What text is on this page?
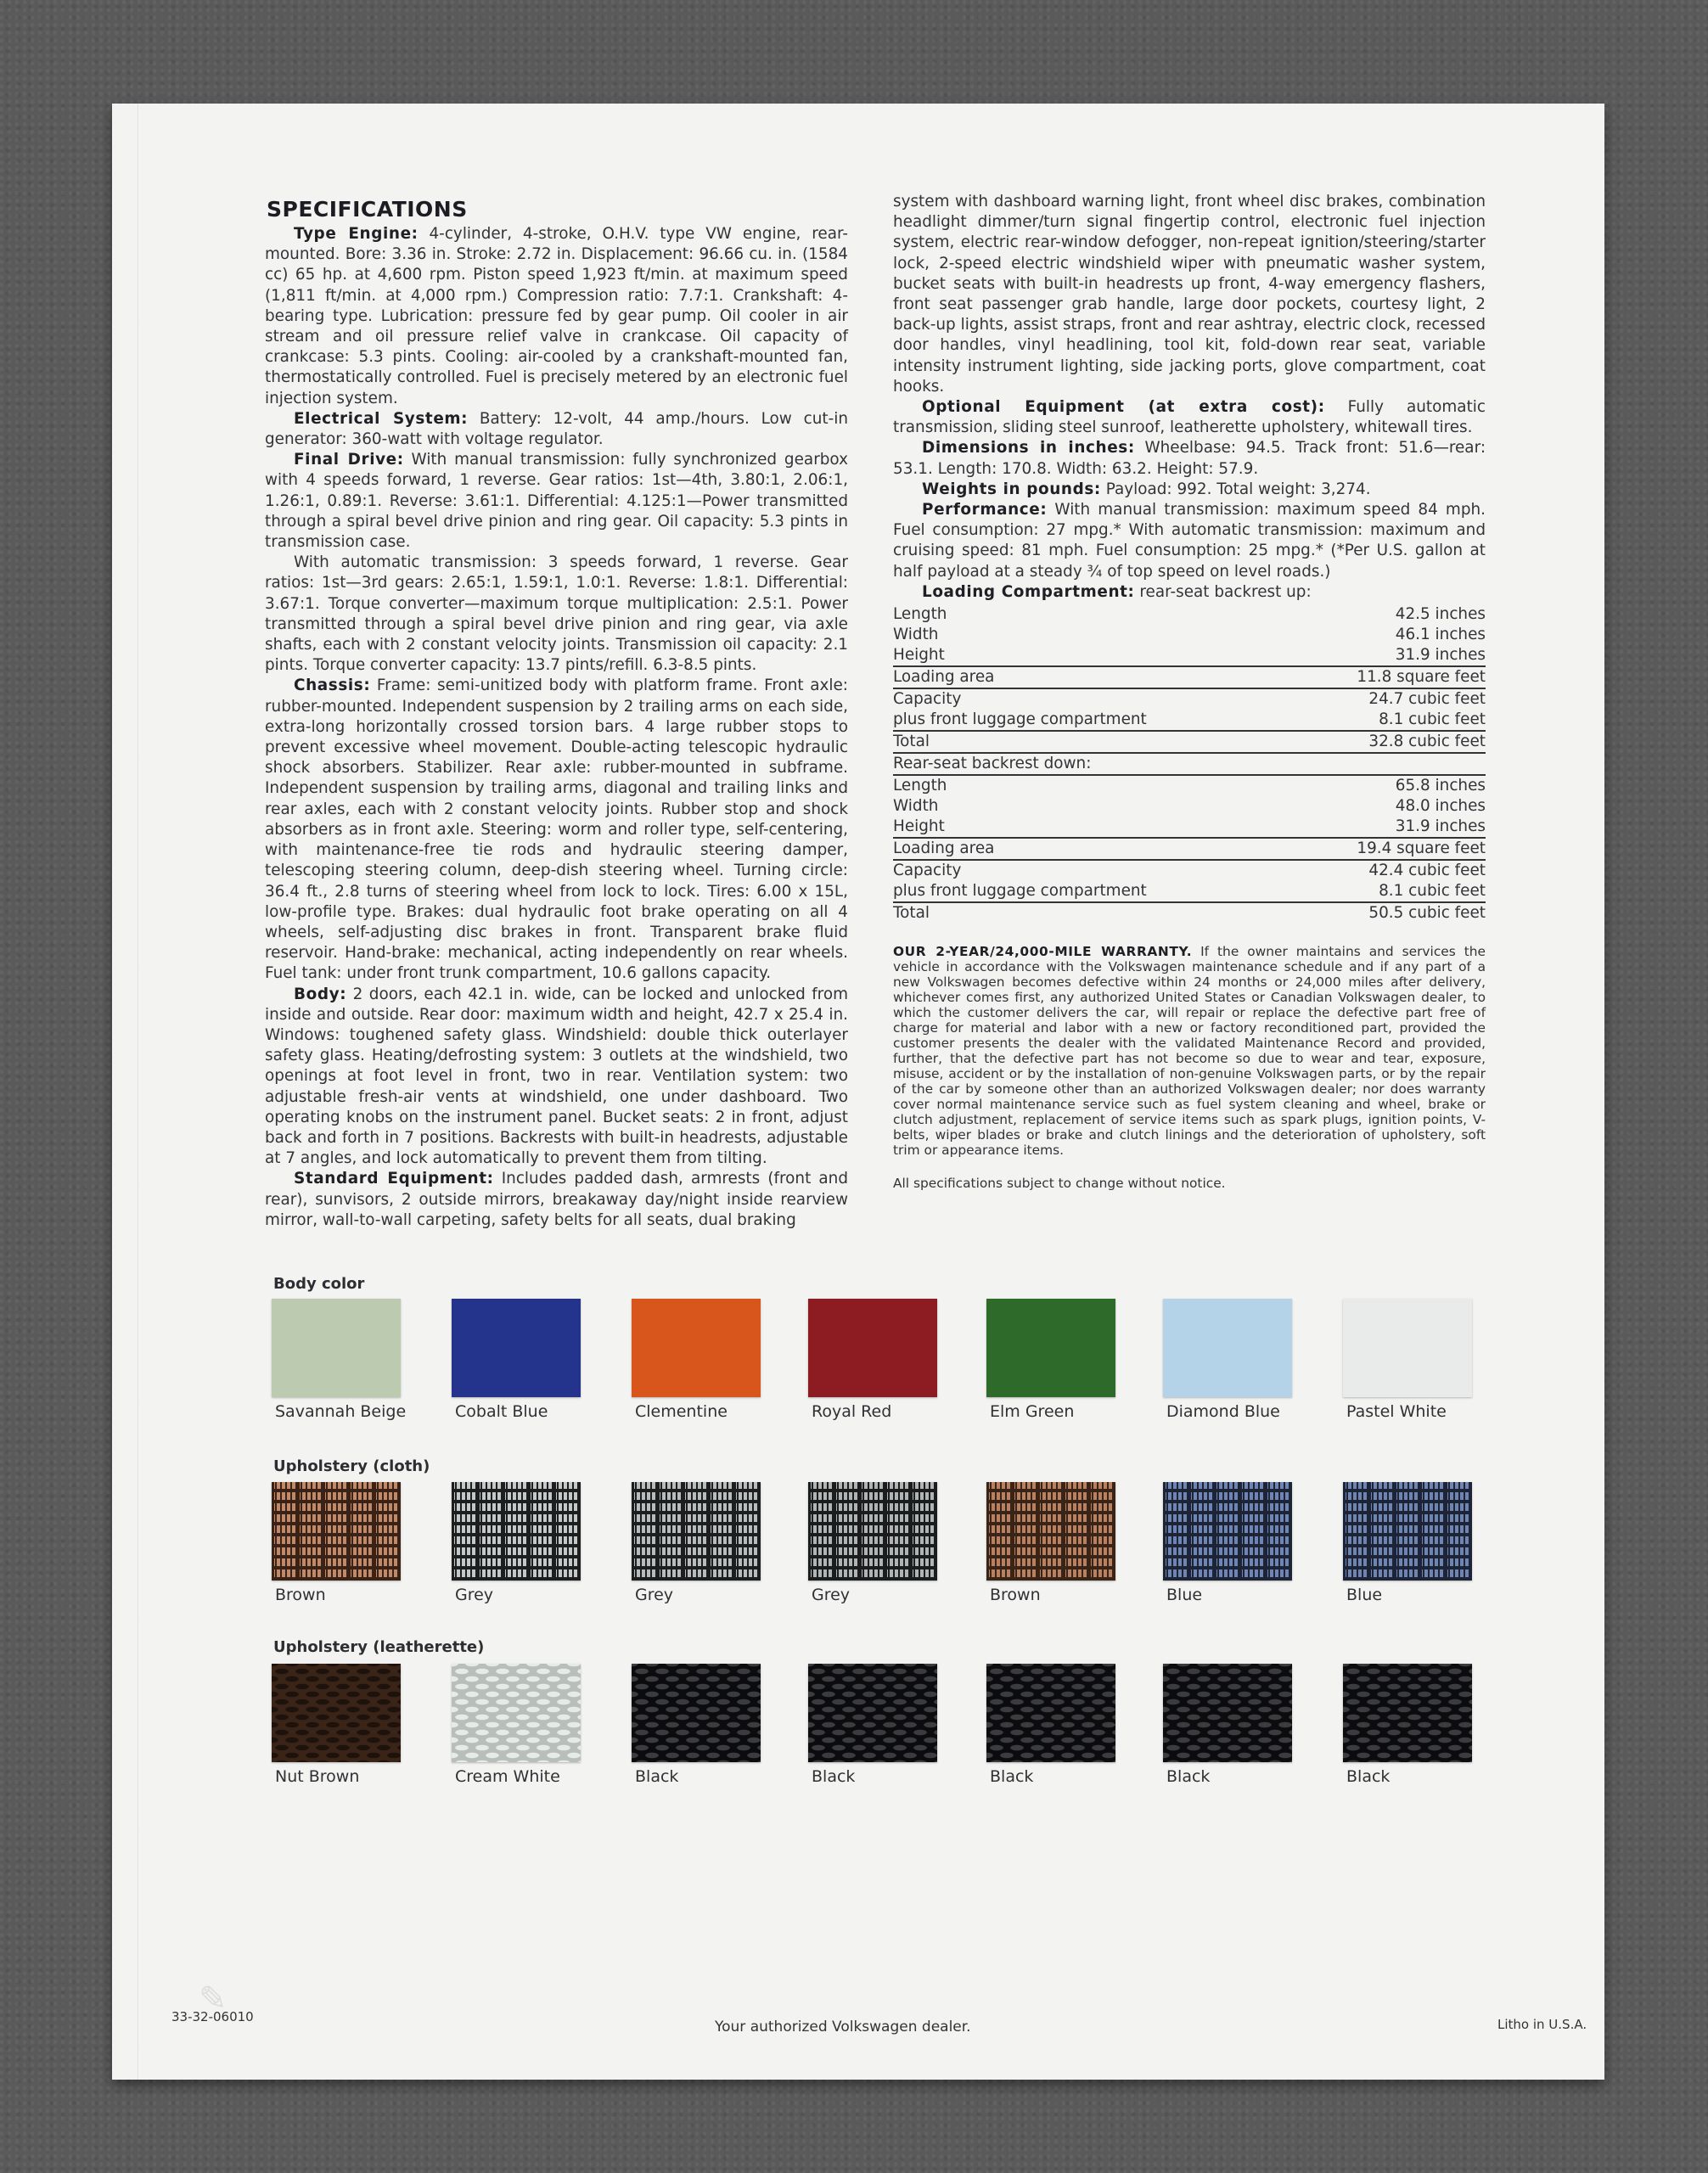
SPECIFICATIONS

Type Engine: 4-cylinder, 4-stroke, O.H.V. type VW engine, rear-mounted. Bore: 3.36 in. Stroke: 2.72 in. Displacement: 96.66 cu. in. (1584 cc) 65 hp. at 4,600 rpm. Piston speed 1,923 ft/min. at maximum speed (1,811 ft/min. at 4,000 rpm.) Compression ratio: 7.7:1. Crankshaft: 4-bearing type. Lubrication: pressure fed by gear pump. Oil cooler in air stream and oil pressure relief valve in crankcase. Oil capacity of crankcase: 5.3 pints. Cooling: air-cooled by a crankshaft-mounted fan, thermostatically controlled. Fuel is precisely metered by an electronic fuel injection system.

Electrical System: Battery: 12-volt, 44 amp./hours. Low cut-in generator: 360-watt with voltage regulator.

Final Drive: With manual transmission: fully synchronized gearbox with 4 speeds forward, 1 reverse. Gear ratios: 1st—4th, 3.80:1, 2.06:1, 1.26:1, 0.89:1. Reverse: 3.61:1. Differential: 4.125:1—Power transmitted through a spiral bevel drive pinion and ring gear. Oil capacity: 5.3 pints in transmission case.

With automatic transmission: 3 speeds forward, 1 reverse. Gear ratios: 1st—3rd gears: 2.65:1, 1.59:1, 1.0:1. Reverse: 1.8:1. Differential: 3.67:1. Torque converter—maximum torque multiplication: 2.5:1. Power transmitted through a spiral bevel drive pinion and ring gear, via axle shafts, each with 2 constant velocity joints. Transmission oil capacity: 2.1 pints. Torque converter capacity: 13.7 pints/refill. 6.3-8.5 pints.

Chassis: Frame: semi-unitized body with platform frame. Front axle: rubber-mounted. Independent suspension by 2 trailing arms on each side, extra-long horizontally crossed torsion bars. 4 large rubber stops to prevent excessive wheel movement. Double-acting telescopic hydraulic shock absorbers. Stabilizer. Rear axle: rubber-mounted in subframe. Independent suspension by trailing arms, diagonal and trailing links and rear axles, each with 2 constant velocity joints. Rubber stop and shock absorbers as in front axle. Steering: worm and roller type, self-centering, with maintenance-free tie rods and hydraulic steering damper, telescoping steering column, deep-dish steering wheel. Turning circle: 36.4 ft., 2.8 turns of steering wheel from lock to lock. Tires: 6.00 x 15L, low-profile type. Brakes: dual hydraulic foot brake operating on all 4 wheels, self-adjusting disc brakes in front. Transparent brake fluid reservoir. Hand-brake: mechanical, acting independently on rear wheels. Fuel tank: under front trunk compartment, 10.6 gallons capacity.

Body: 2 doors, each 42.1 in. wide, can be locked and unlocked from inside and outside. Rear door: maximum width and height, 42.7 x 25.4 in. Windows: toughened safety glass. Windshield: double thick outerlayer safety glass. Heating/defrosting system: 3 outlets at the windshield, two openings at foot level in front, two in rear. Ventilation system: two adjustable fresh-air vents at windshield, one under dashboard. Two operating knobs on the instrument panel. Bucket seats: 2 in front, adjust back and forth in 7 positions. Backrests with built-in headrests, adjustable at 7 angles, and lock automatically to prevent them from tilting.

Standard Equipment: Includes padded dash, armrests (front and rear), sunvisors, 2 outside mirrors, breakaway day/night inside rearview mirror, wall-to-wall carpeting, safety belts for all seats, dual braking

system with dashboard warning light, front wheel disc brakes, combination headlight dimmer/turn signal fingertip control, electronic fuel injection system, electric rear-window defogger, non-repeat ignition/steering/starter lock, 2-speed electric windshield wiper with pneumatic washer system, bucket seats with built-in headrests up front, 4-way emergency flashers, front seat passenger grab handle, large door pockets, courtesy light, 2 back-up lights, assist straps, front and rear ashtray, electric clock, recessed door handles, vinyl headlining, tool kit, fold-down rear seat, variable intensity instrument lighting, side jacking ports, glove compartment, coat hooks.

Optional Equipment (at extra cost): Fully automatic transmission, sliding steel sunroof, leatherette upholstery, whitewall tires.

Dimensions in inches: Wheelbase: 94.5. Track front: 51.6—rear: 53.1. Length: 170.8. Width: 63.2. Height: 57.9.

Weights in pounds: Payload: 992. Total weight: 3,274.

Performance: With manual transmission: maximum speed 84 mph. Fuel consumption: 27 mpg.* With automatic transmission: maximum and cruising speed: 81 mph. Fuel consumption: 25 mpg.* (*Per U.S. gallon at half payload at a steady ¾ of top speed on level roads.)

Loading Compartment: rear-seat backrest up:

Length	42.5 inches
Width	46.1 inches
Height	31.9 inches
Loading area	11.8 square feet
Capacity	24.7 cubic feet
plus front luggage compartment	8.1 cubic feet
Total	32.8 cubic feet
Rear-seat backrest down:	
Length	65.8 inches
Width	48.0 inches
Height	31.9 inches
Loading area	19.4 square feet
Capacity	42.4 cubic feet
plus front luggage compartment	8.1 cubic feet
Total	50.5 cubic feet
OUR 2-YEAR/24,000-MILE WARRANTY. If the owner maintains and services the vehicle in accordance with the Volkswagen maintenance schedule and if any part of a new Volkswagen becomes defective within 24 months or 24,000 miles after delivery, whichever comes first, any authorized United States or Canadian Volkswagen dealer, to which the customer delivers the car, will repair or replace the defective part free of charge for material and labor with a new or factory reconditioned part, provided the customer presents the dealer with the validated Maintenance Record and provided, further, that the defective part has not become so due to wear and tear, exposure, misuse, accident or by the installation of non-genuine Volkswagen parts, or by the repair of the car by someone other than an authorized Volkswagen dealer; nor does warranty cover normal maintenance service such as fuel system cleaning and wheel, brake or clutch adjustment, replacement of service items such as spark plugs, ignition points, V-belts, wiper blades or brake and clutch linings and the deterioration of upholstery, soft trim or appearance items.
All specifications subject to change without notice.
Body color
Savannah Beige	Cobalt Blue	Clementine	Royal Red	Elm Green	Diamond Blue	Pastel White
Upholstery (cloth)
Brown	Grey	Grey	Grey	Brown	Blue	Blue
Upholstery (leatherette)
Nut Brown	Cream White	Black	Black	Black	Black	Black
✎
33-32-06010
Your authorized Volkswagen dealer.	Litho in U.S.A.
